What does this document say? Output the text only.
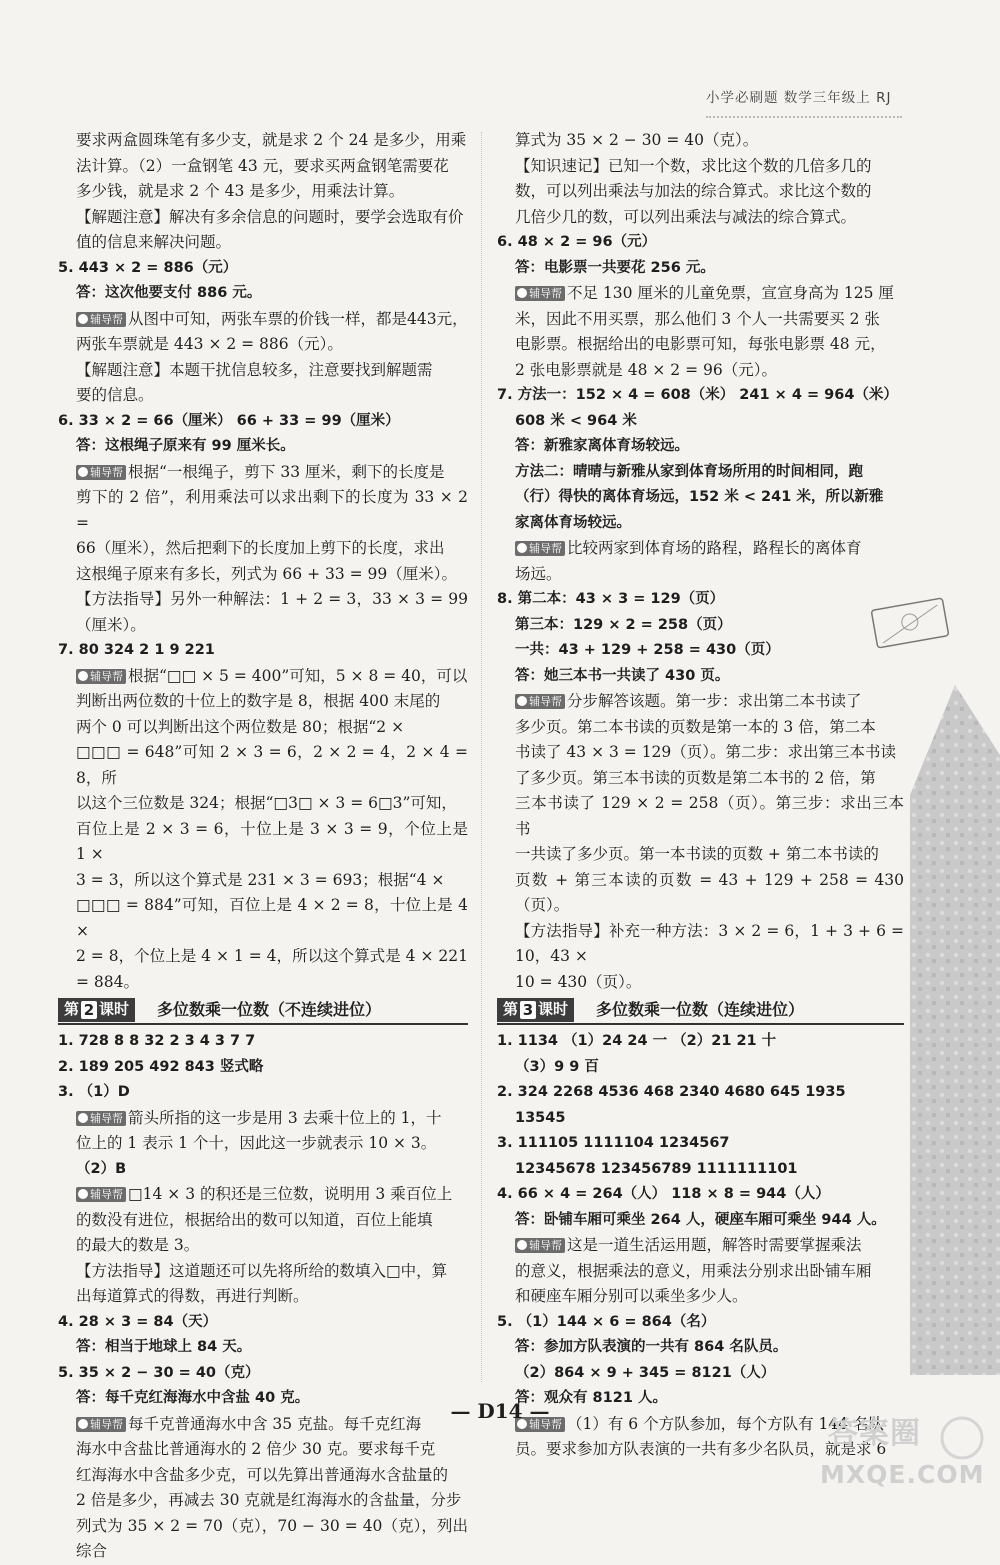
小学必刷题 数学三年级上 RJ

要求两盒圆珠笔有多少支，就是求 2 个 24 是多少，用乘

法计算。（2）一盒钢笔 43 元，要求买两盒钢笔需要花

多少钱，就是求 2 个 43 是多少，用乘法计算。

【解题注意】解决有多余信息的问题时，要学会选取有价

值的信息来解决问题。

5. 443 × 2 = 886（元）

答：这次他要支付 886 元。

辅导帮 从图中可知，两张车票的价钱一样，都是443元，

两张车票就是 443 × 2 = 886（元）。

【解题注意】本题干扰信息较多，注意要找到解题需

要的信息。

6. 33 × 2 = 66（厘米） 66 + 33 = 99（厘米）

答：这根绳子原来有 99 厘米长。

辅导帮 根据“一根绳子，剪下 33 厘米，剩下的长度是

剪下的 2 倍”，利用乘法可以求出剩下的长度为 33 × 2 =

66（厘米），然后把剩下的长度加上剪下的长度，求出

这根绳子原来有多长，列式为 66 + 33 = 99（厘米）。

【方法指导】另外一种解法：1 + 2 = 3，33 × 3 = 99（厘米）。

7. 80 324 2 1 9 221

辅导帮 根据“□□ × 5 = 400”可知，5 × 8 = 40，可以

判断出两位数的十位上的数字是 8，根据 400 末尾的

两个 0 可以判断出这个两位数是 80；根据“2 ×

□□□ = 648”可知 2 × 3 = 6，2 × 2 = 4，2 × 4 = 8，所

以这个三位数是 324；根据“□3□ × 3 = 6□3”可知，

百位上是 2 × 3 = 6，十位上是 3 × 3 = 9，个位上是 1 ×

3 = 3，所以这个算式是 231 × 3 = 693；根据“4 ×

□□□ = 884”可知，百位上是 4 × 2 = 8，十位上是 4 ×

2 = 8，个位上是 4 × 1 = 4，所以这个算式是 4 × 221 = 884。

第 2 课时 多位数乘一位数（不连续进位）

1. 728 8 8 32 2 3 4 3 7 7

2. 189 205 492 843 竖式略

3. （1）D

辅导帮 箭头所指的这一步是用 3 去乘十位上的 1，十

位上的 1 表示 1 个十，因此这一步就表示 10 × 3。

（2）B

辅导帮 □14 × 3 的积还是三位数，说明用 3 乘百位上

的数没有进位，根据给出的数可以知道，百位上能填

的最大的数是 3。

【方法指导】这道题还可以先将所给的数填入□中，算

出每道算式的得数，再进行判断。

4. 28 × 3 = 84（天）

答：相当于地球上 84 天。

5. 35 × 2 − 30 = 40（克）

答：每千克红海海水中含盐 40 克。

辅导帮 每千克普通海水中含 35 克盐。每千克红海

海水中含盐比普通海水的 2 倍少 30 克。要求每千克

红海海水中含盐多少克，可以先算出普通海水含盐量的

2 倍是多少，再减去 30 克就是红海海水的含盐量，分步

列式为 35 × 2 = 70（克），70 − 30 = 40（克），列出综合

算式为 35 × 2 − 30 = 40（克）。

【知识速记】已知一个数，求比这个数的几倍多几的

数，可以列出乘法与加法的综合算式。求比这个数的

几倍少几的数，可以列出乘法与减法的综合算式。

6. 48 × 2 = 96（元）

答：电影票一共要花 256 元。

辅导帮 不足 130 厘米的儿童免票，宣宣身高为 125 厘

米，因此不用买票，那么他们 3 个人一共需要买 2 张

电影票。根据给出的电影票可知，每张电影票 48 元，

2 张电影票就是 48 × 2 = 96（元）。

7. 方法一：152 × 4 = 608（米） 241 × 4 = 964（米）

608 米 < 964 米

答：新雅家离体育场较远。

方法二：晴晴与新雅从家到体育场所用的时间相同，跑

（行）得快的离体育场远，152 米 < 241 米，所以新雅

家离体育场较远。

辅导帮 比较两家到体育场的路程，路程长的离体育

场远。

8. 第二本：43 × 3 = 129（页）

第三本：129 × 2 = 258（页）

一共：43 + 129 + 258 = 430（页）

答：她三本书一共读了 430 页。

辅导帮 分步解答该题。第一步：求出第二本书读了

多少页。第二本书读的页数是第一本的 3 倍，第二本

书读了 43 × 3 = 129（页）。第二步：求出第三本书读

了多少页。第三本书读的页数是第二本书的 2 倍，第

三本书读了 129 × 2 = 258（页）。第三步：求出三本书

一共读了多少页。第一本书读的页数 + 第二本书读的

页数 + 第三本读的页数 = 43 + 129 + 258 = 430（页）。

【方法指导】补充一种方法：3 × 2 = 6，1 + 3 + 6 = 10，43 ×

10 = 430（页）。

第 3 课时 多位数乘一位数（连续进位）

1. 1134 （1）24 24 一 （2）21 21 十

（3）9 9 百

2. 324 2268 4536 468 2340 4680 645 1935

13545

3. 111105 1111104 1234567

12345678 123456789 1111111101

4. 66 × 4 = 264（人） 118 × 8 = 944（人）

答：卧铺车厢可乘坐 264 人，硬座车厢可乘坐 944 人。

辅导帮 这是一道生活运用题，解答时需要掌握乘法

的意义，根据乘法的意义，用乘法分别求出卧铺车厢

和硬座车厢分别可以乘坐多少人。

5. （1）144 × 6 = 864（名）

答：参加方队表演的一共有 864 名队员。

（2）864 × 9 + 345 = 8121（人）

答：观众有 8121 人。

辅导帮 （1）有 6 个方队参加，每个方队有 144 名队

员。要求参加方队表演的一共有多少名队员，就是求 6

— D14 —
答案圈
MXQE.COM
